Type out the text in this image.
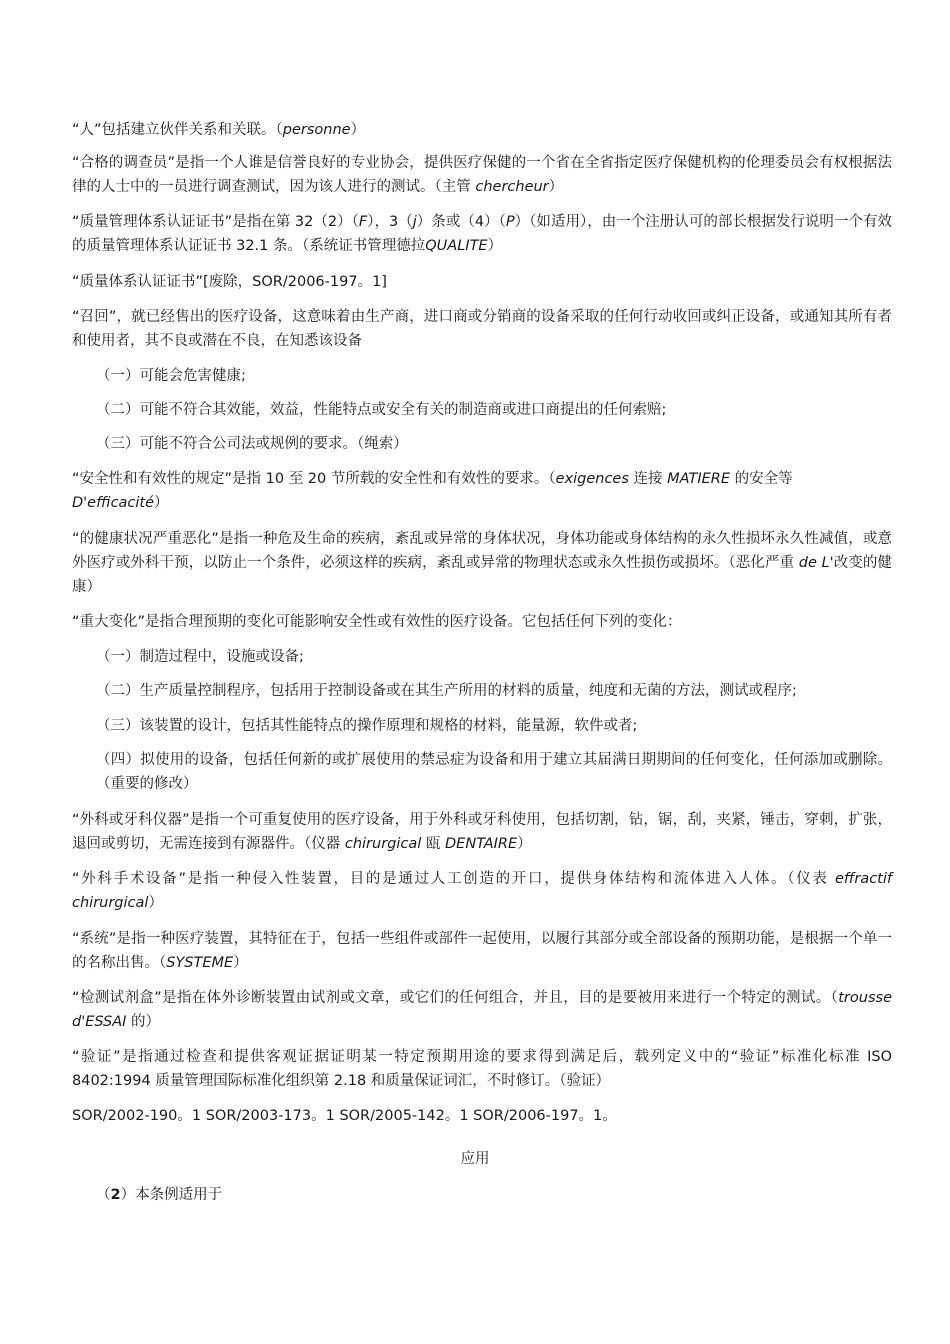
“人”包括建立伙伴关系和关联。（personne）

“合格的调查员”是指一个人谁是信誉良好的专业协会，提供医疗保健的一个省在全省指定医疗保健机构的伦理委员会有权根据法律的人士中的一员进行调查测试，因为该人进行的测试。（主管 chercheur）

“质量管理体系认证证书”是指在第 32（2）（F），3（j）条或（4）（P）（如适用），由一个注册认可的部长根据发行说明一个有效的质量管理体系认证证书 32.1 条。（系统证书管理德拉QUALITE）

“质量体系认证证书”[废除，SOR/2006-197。1]

“召回”，就已经售出的医疗设备，这意味着由生产商，进口商或分销商的设备采取的任何行动收回或纠正设备，或通知其所有者和使用者，其不良或潜在不良，在知悉该设备

（一）可能会危害健康;

（二）可能不符合其效能，效益，性能特点或安全有关的制造商或进口商提出的任何索赔;

（三）可能不符合公司法或规例的要求。（绳索）

“安全性和有效性的规定”是指 10 至 20 节所载的安全性和有效性的要求。（exigences 连接 MATIERE 的安全等
D'efficacité）

“的健康状况严重恶化”是指一种危及生命的疾病，紊乱或异常的身体状况，身体功能或身体结构的永久性损坏永久性减值，或意外医疗或外科干预，以防止一个条件，必须这样的疾病，紊乱或异常的物理状态或永久性损伤或损坏。（恶化严重 de L'改变的健康）

“重大变化”是指合理预期的变化可能影响安全性或有效性的医疗设备。它包括任何下列的变化：

（一）制造过程中，设施或设备;

（二）生产质量控制程序，包括用于控制设备或在其生产所用的材料的质量，纯度和无菌的方法，测试或程序;

（三）该装置的设计，包括其性能特点的操作原理和规格的材料，能量源，软件或者;

（四）拟使用的设备，包括任何新的或扩展使用的禁忌症为设备和用于建立其届满日期期间的任何变化，任何添加或删除。（重要的修改）

“外科或牙科仪器”是指一个可重复使用的医疗设备，用于外科或牙科使用，包括切割，钻，锯，刮，夹紧，锤击，穿刺，扩张，退回或剪切，无需连接到有源器件。（仪器 chirurgical 瓯 DENTAIRE）

“外科手术设备”是指一种侵入性装置，目的是通过人工创造的开口，提供身体结构和流体进入人体。（仪表 effractif chirurgical）

“系统”是指一种医疗装置，其特征在于，包括一些组件或部件一起使用，以履行其部分或全部设备的预期功能，是根据一个单一的名称出售。（SYSTEME）

“检测试剂盒”是指在体外诊断装置由试剂或文章，或它们的任何组合，并且，目的是要被用来进行一个特定的测试。（trousse d'ESSAI 的）

“验证”是指通过检查和提供客观证据证明某一特定预期用途的要求得到满足后，载列定义中的“验证”标准化标准 ISO 8402:1994 质量管理国际标准化组织第 2.18 和质量保证词汇，不时修订。（验证）

SOR/2002-190。1 SOR/2003-173。1 SOR/2005-142。1 SOR/2006-197。1。

应用

（2）本条例适用于
